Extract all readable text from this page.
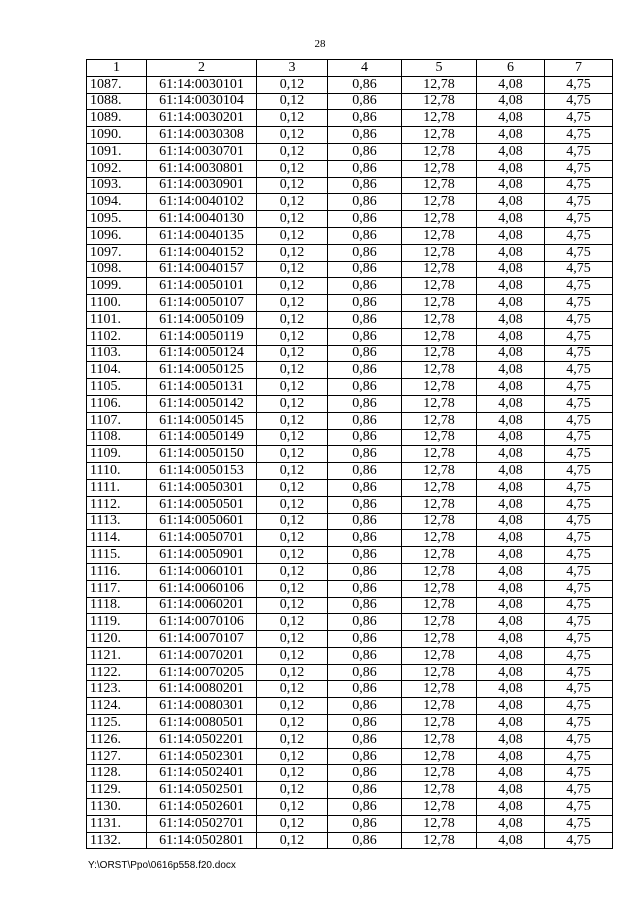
28
1	2	3	4	5	6	7
1087.	61:14:0030101	0,12	0,86	12,78	4,08	4,75
1088.	61:14:0030104	0,12	0,86	12,78	4,08	4,75
1089.	61:14:0030201	0,12	0,86	12,78	4,08	4,75
1090.	61:14:0030308	0,12	0,86	12,78	4,08	4,75
1091.	61:14:0030701	0,12	0,86	12,78	4,08	4,75
1092.	61:14:0030801	0,12	0,86	12,78	4,08	4,75
1093.	61:14:0030901	0,12	0,86	12,78	4,08	4,75
1094.	61:14:0040102	0,12	0,86	12,78	4,08	4,75
1095.	61:14:0040130	0,12	0,86	12,78	4,08	4,75
1096.	61:14:0040135	0,12	0,86	12,78	4,08	4,75
1097.	61:14:0040152	0,12	0,86	12,78	4,08	4,75
1098.	61:14:0040157	0,12	0,86	12,78	4,08	4,75
1099.	61:14:0050101	0,12	0,86	12,78	4,08	4,75
1100.	61:14:0050107	0,12	0,86	12,78	4,08	4,75
1101.	61:14:0050109	0,12	0,86	12,78	4,08	4,75
1102.	61:14:0050119	0,12	0,86	12,78	4,08	4,75
1103.	61:14:0050124	0,12	0,86	12,78	4,08	4,75
1104.	61:14:0050125	0,12	0,86	12,78	4,08	4,75
1105.	61:14:0050131	0,12	0,86	12,78	4,08	4,75
1106.	61:14:0050142	0,12	0,86	12,78	4,08	4,75
1107.	61:14:0050145	0,12	0,86	12,78	4,08	4,75
1108.	61:14:0050149	0,12	0,86	12,78	4,08	4,75
1109.	61:14:0050150	0,12	0,86	12,78	4,08	4,75
1110.	61:14:0050153	0,12	0,86	12,78	4,08	4,75
1111.	61:14:0050301	0,12	0,86	12,78	4,08	4,75
1112.	61:14:0050501	0,12	0,86	12,78	4,08	4,75
1113.	61:14:0050601	0,12	0,86	12,78	4,08	4,75
1114.	61:14:0050701	0,12	0,86	12,78	4,08	4,75
1115.	61:14:0050901	0,12	0,86	12,78	4,08	4,75
1116.	61:14:0060101	0,12	0,86	12,78	4,08	4,75
1117.	61:14:0060106	0,12	0,86	12,78	4,08	4,75
1118.	61:14:0060201	0,12	0,86	12,78	4,08	4,75
1119.	61:14:0070106	0,12	0,86	12,78	4,08	4,75
1120.	61:14:0070107	0,12	0,86	12,78	4,08	4,75
1121.	61:14:0070201	0,12	0,86	12,78	4,08	4,75
1122.	61:14:0070205	0,12	0,86	12,78	4,08	4,75
1123.	61:14:0080201	0,12	0,86	12,78	4,08	4,75
1124.	61:14:0080301	0,12	0,86	12,78	4,08	4,75
1125.	61:14:0080501	0,12	0,86	12,78	4,08	4,75
1126.	61:14:0502201	0,12	0,86	12,78	4,08	4,75
1127.	61:14:0502301	0,12	0,86	12,78	4,08	4,75
1128.	61:14:0502401	0,12	0,86	12,78	4,08	4,75
1129.	61:14:0502501	0,12	0,86	12,78	4,08	4,75
1130.	61:14:0502601	0,12	0,86	12,78	4,08	4,75
1131.	61:14:0502701	0,12	0,86	12,78	4,08	4,75
1132.	61:14:0502801	0,12	0,86	12,78	4,08	4,75
Y:\ORST\Ppo\0616p558.f20.docx
